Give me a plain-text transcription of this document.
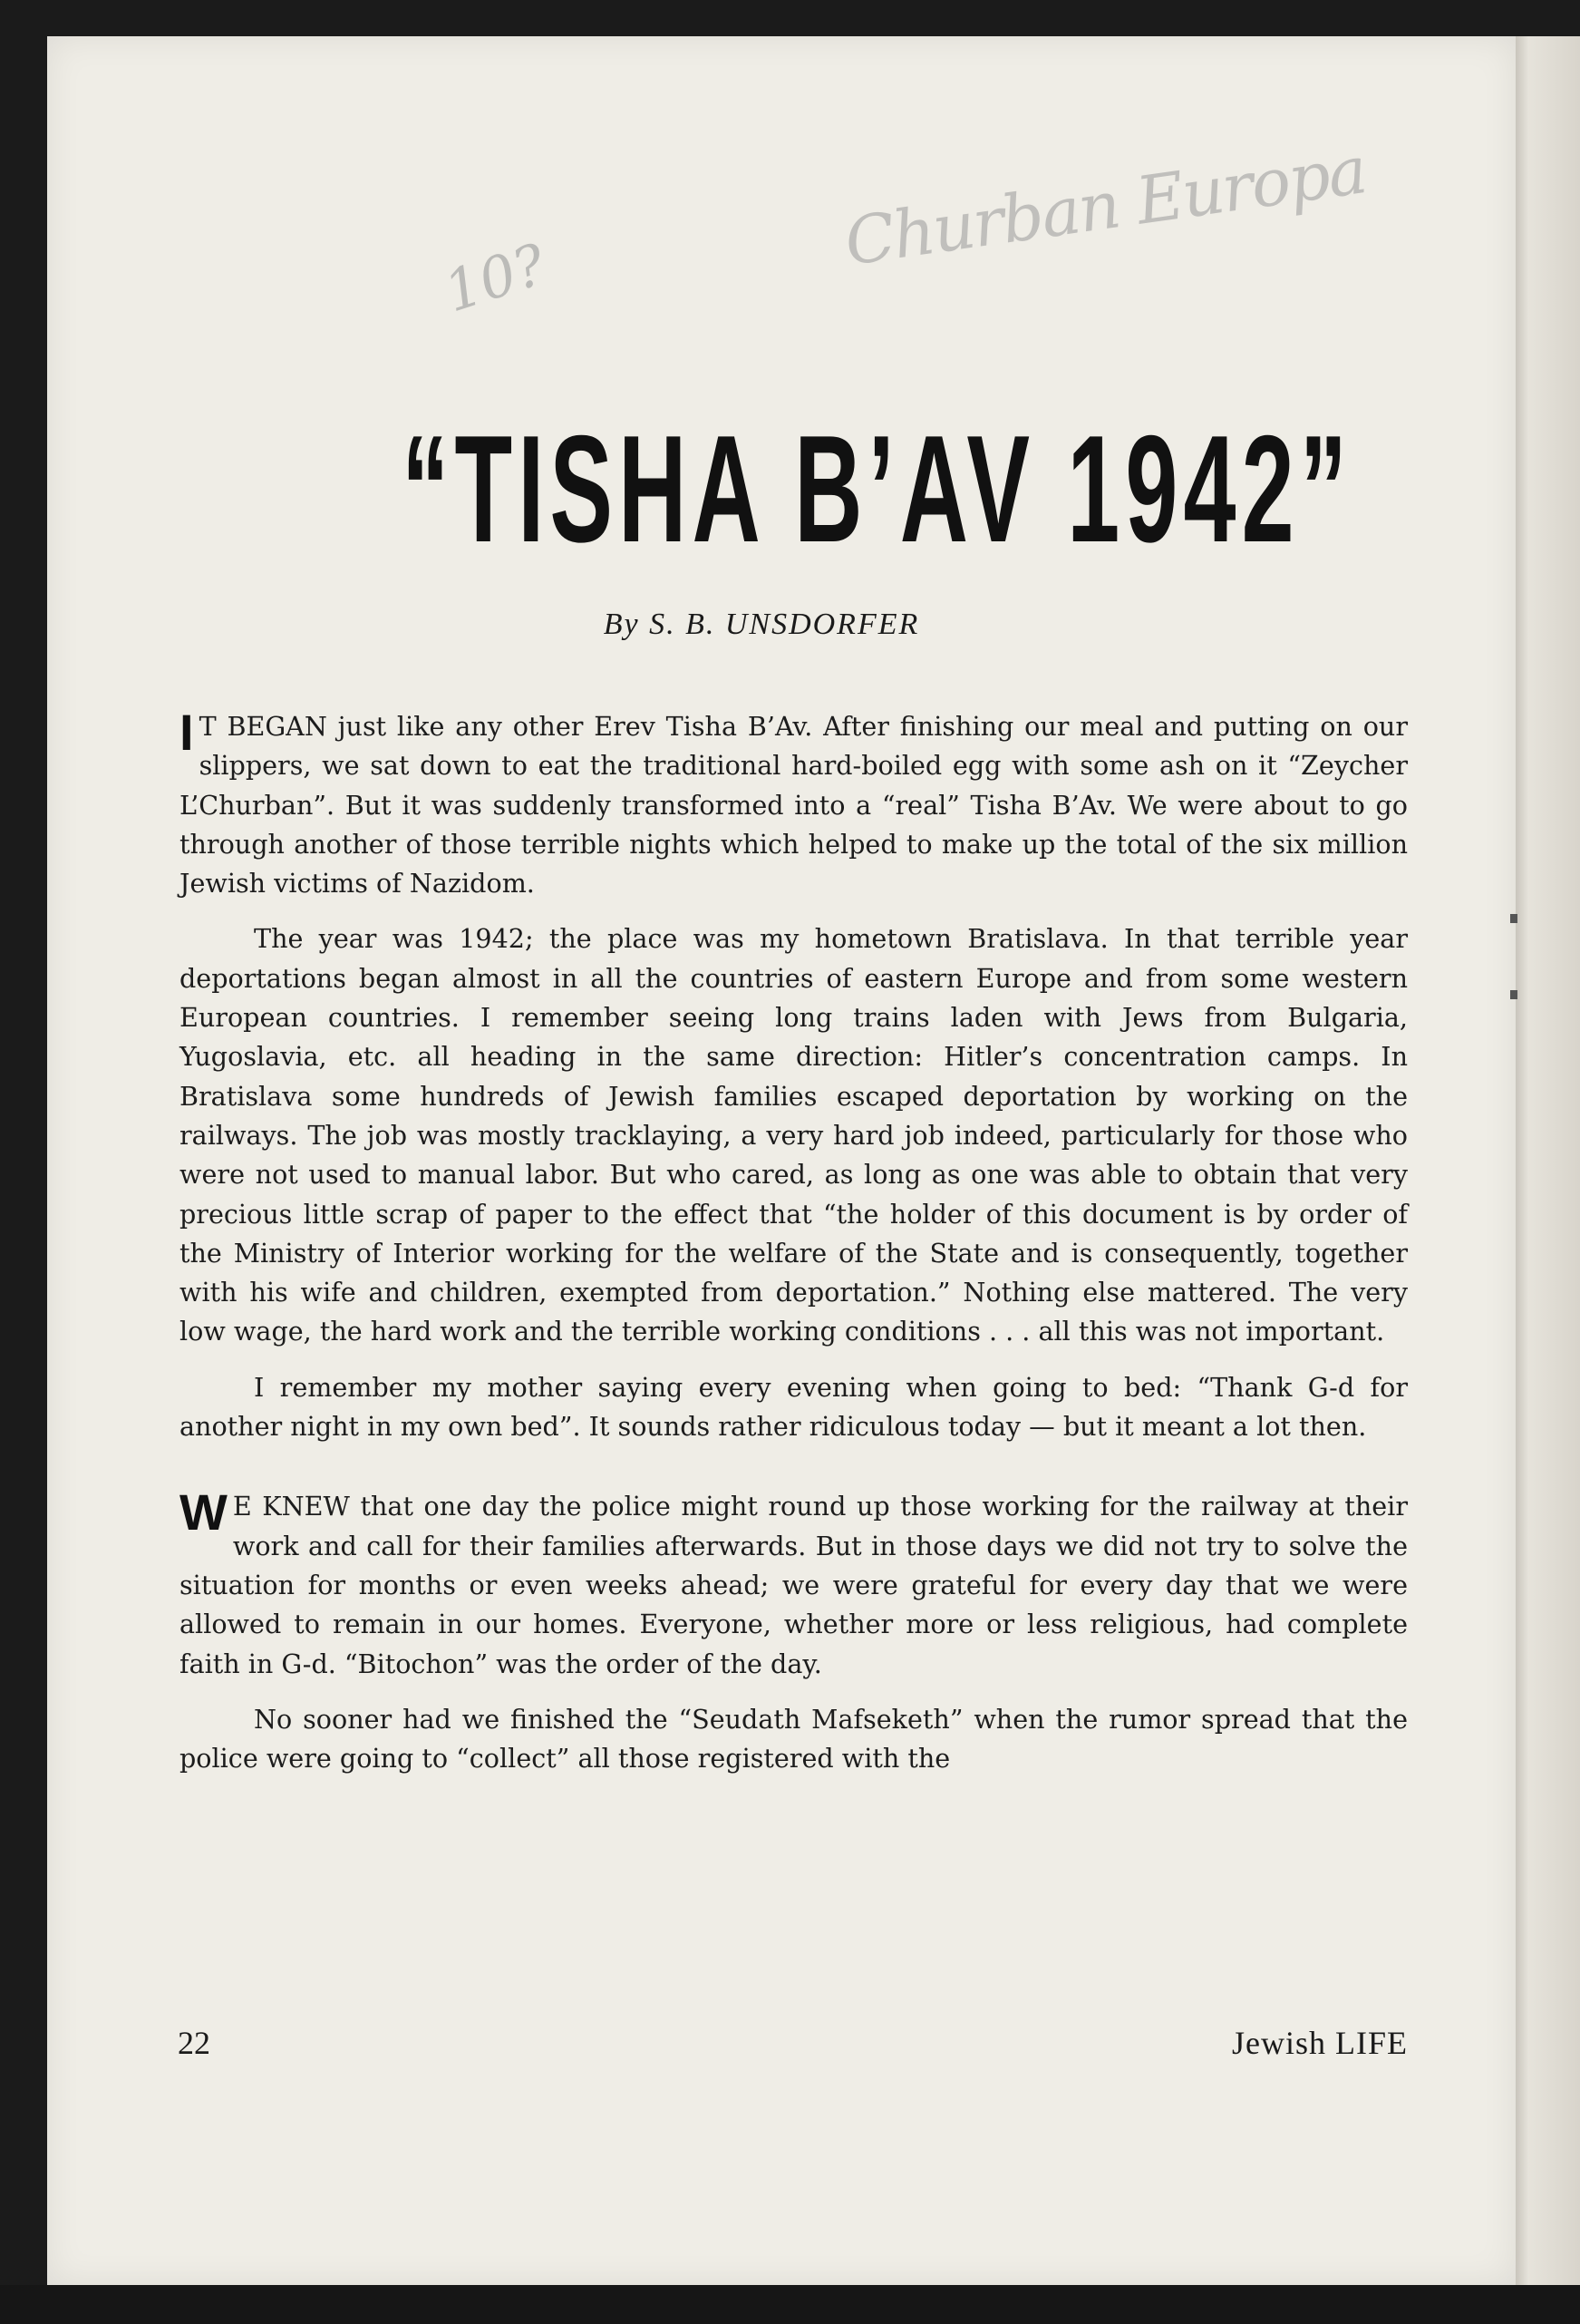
Churban Europa
10?
“TISHA B’AV 1942”
By S. B. UNSDORFER

I T BEGAN just like any other Erev Tisha B’Av. After finishing our meal and putting on our slippers, we sat down to eat the traditional hard-boiled egg with some ash on it “Zeycher L’Churban”. But it was suddenly transformed into a “real” Tisha B’Av. We were about to go through another of those terrible nights which helped to make up the total of the six million Jewish victims of Nazidom.

The year was 1942; the place was my hometown Bratislava. In that terrible year deportations began almost in all the countries of eastern Europe and from some western European countries. I remember seeing long trains laden with Jews from Bulgaria, Yugoslavia, etc. all heading in the same direction: Hitler’s concentration camps. In Bratislava some hundreds of Jewish families escaped deportation by working on the railways. The job was mostly tracklaying, a very hard job indeed, particularly for those who were not used to manual labor. But who cared, as long as one was able to obtain that very precious little scrap of paper to the effect that “the holder of this document is by order of the Ministry of Interior working for the welfare of the State and is consequently, together with his wife and children, exempted from deportation.” Nothing else mattered. The very low wage, the hard work and the terrible working conditions . . . all this was not important.

I remember my mother saying every evening when going to bed: “Thank G-d for another night in my own bed”. It sounds rather ridiculous today — but it meant a lot then.

W E KNEW that one day the police might round up those working for the railway at their work and call for their families afterwards. But in those days we did not try to solve the situation for months or even weeks ahead; we were grateful for every day that we were allowed to remain in our homes. Everyone, whether more or less religious, had complete faith in G-d. “Bitochon” was the order of the day.

No sooner had we finished the “Seudath Mafseketh” when the rumor spread that the police were going to “collect” all those registered with the

22	Jewish LIFE
